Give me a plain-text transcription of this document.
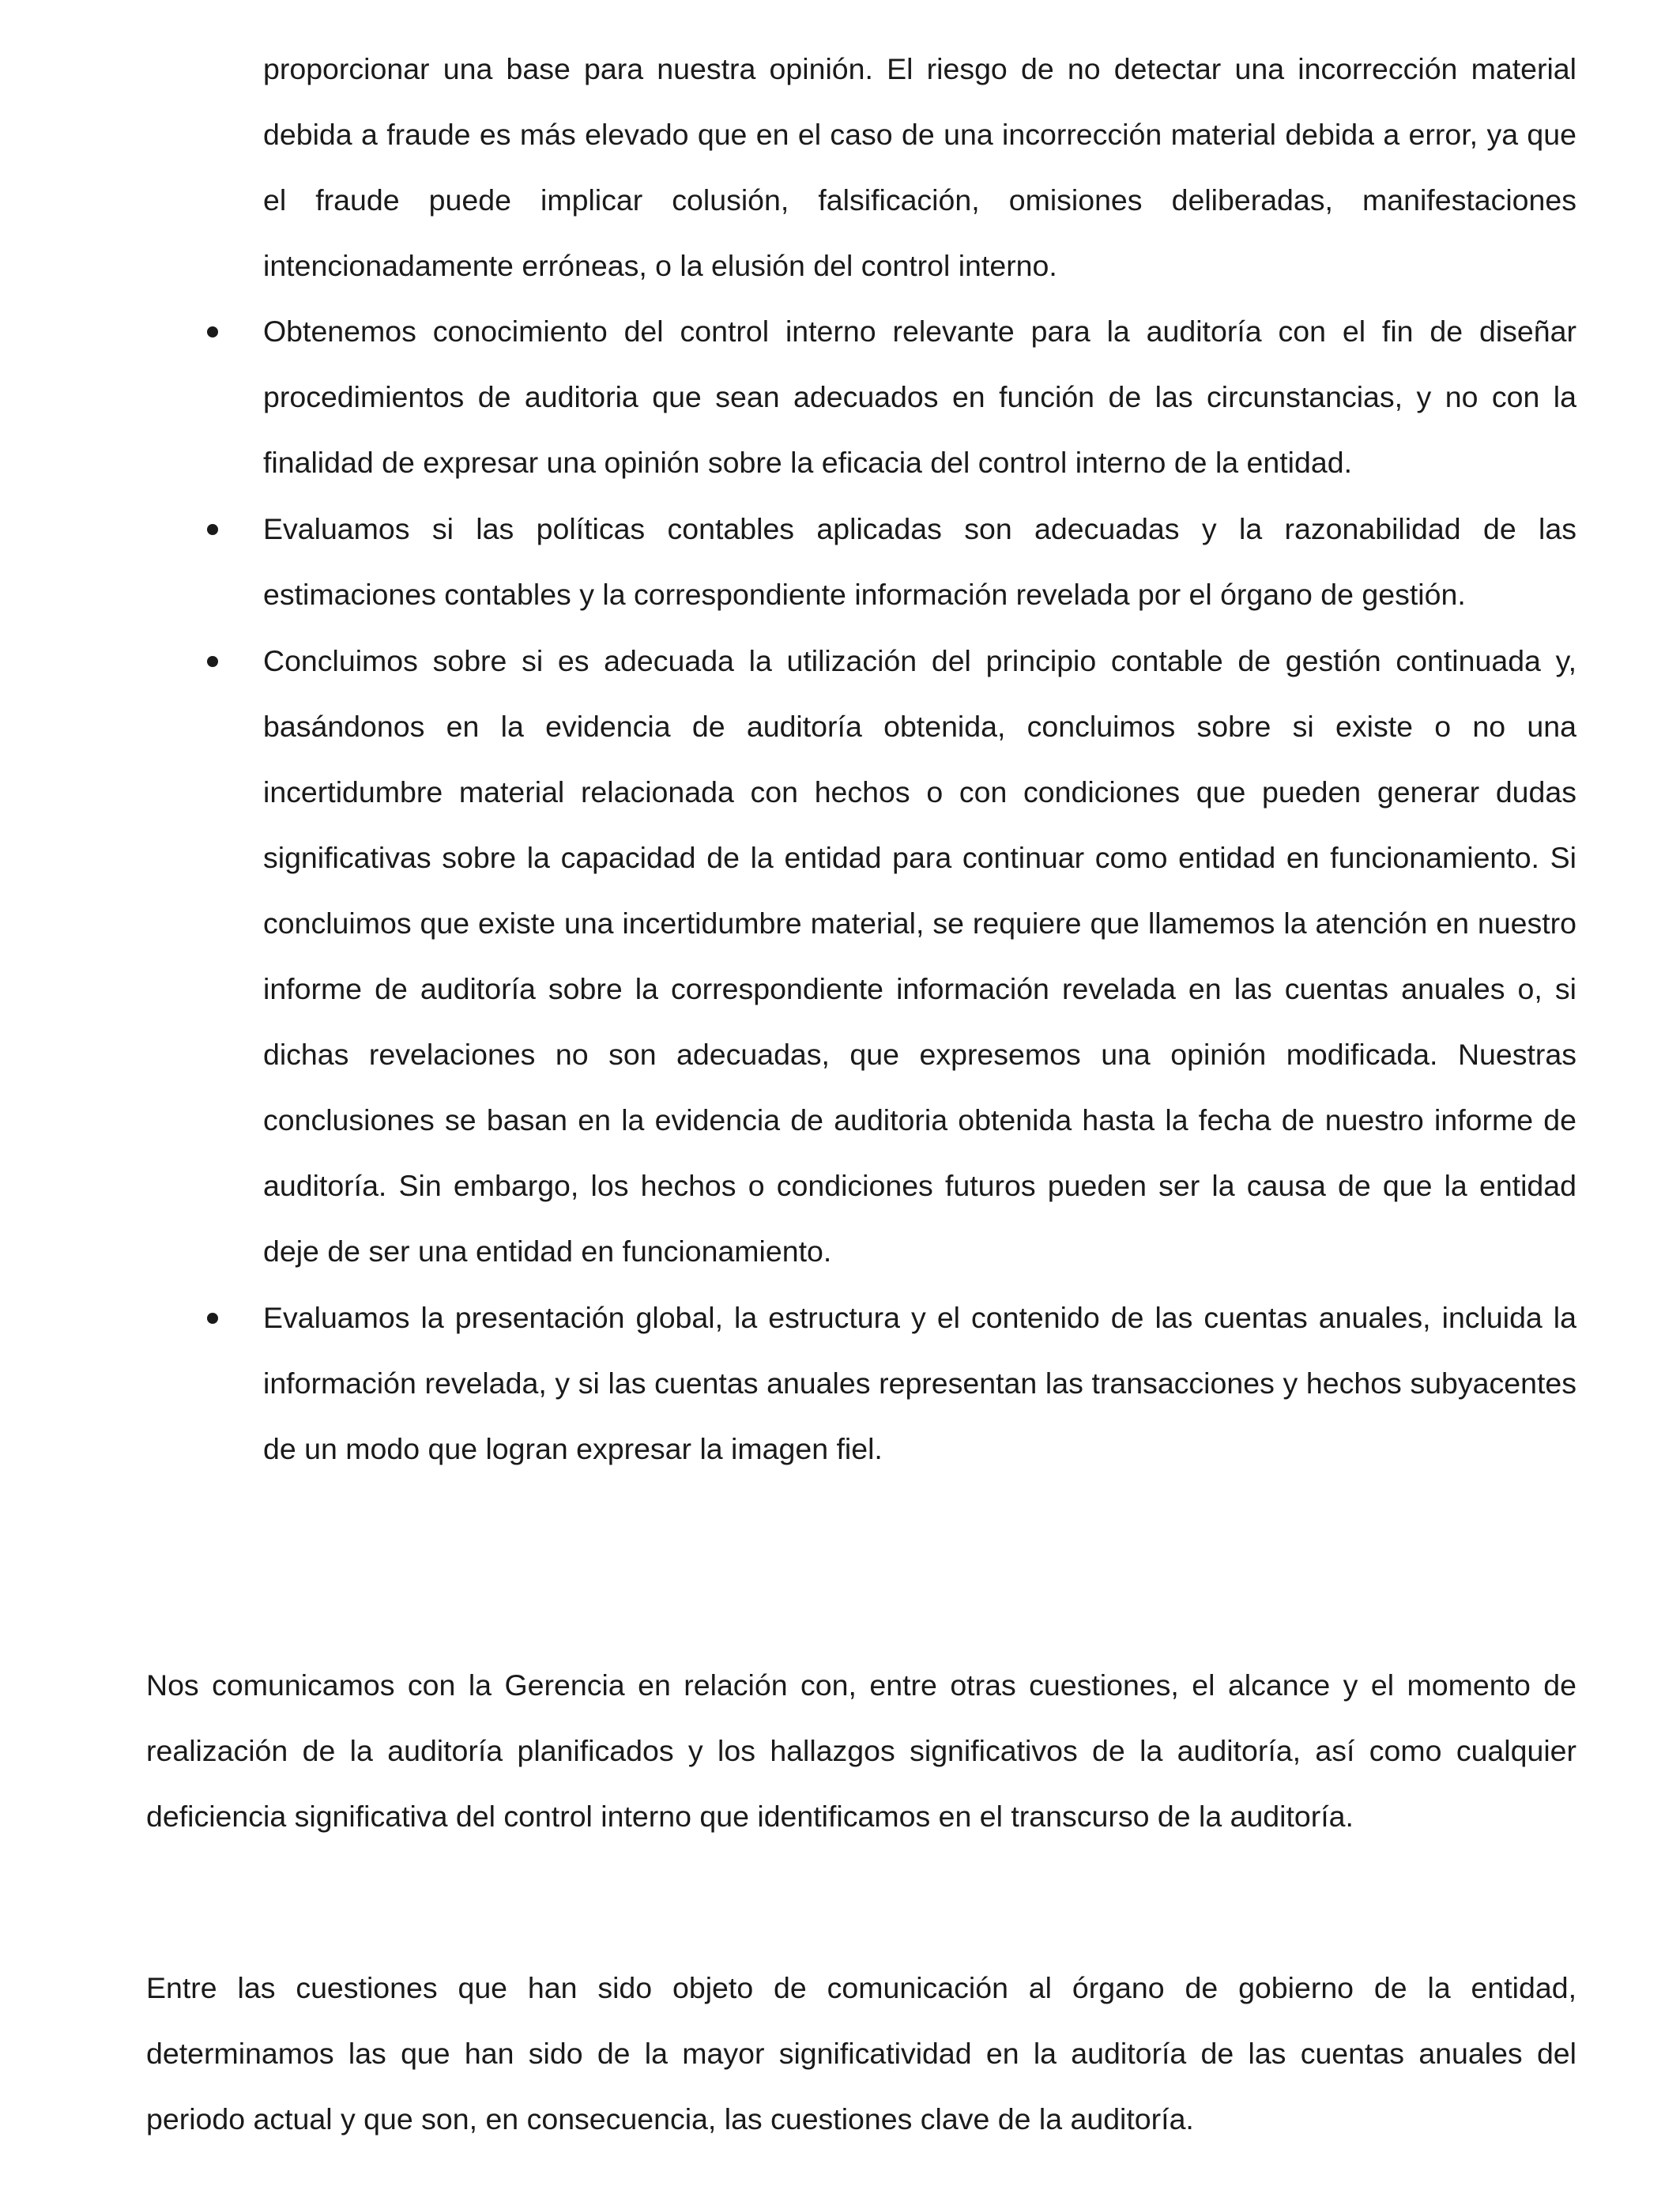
proporcionar una base para nuestra opinión. El riesgo de no detectar una incorrección material debida a fraude es más elevado que en el caso de una incorrección material debida a error, ya que el fraude puede implicar colusión, falsificación, omisiones deliberadas, manifestaciones intencionadamente erróneas, o la elusión del control interno.

Obtenemos conocimiento del control interno relevante para la auditoría con el fin de diseñar procedimientos de auditoria que sean adecuados en función de las circunstancias, y no con la finalidad de expresar una opinión sobre la eficacia del control interno de la entidad.

Evaluamos si las políticas contables aplicadas son adecuadas y la razonabilidad de las estimaciones contables y la correspondiente información revelada por el órgano de gestión.

Concluimos sobre si es adecuada la utilización del principio contable de gestión continuada y, basándonos en la evidencia de auditoría obtenida, concluimos sobre si existe o no una incertidumbre material relacionada con hechos o con condiciones que pueden generar dudas significativas sobre la capacidad de la entidad para continuar como entidad en funcionamiento. Si concluimos que existe una incertidumbre material, se requiere que llamemos la atención en nuestro informe de auditoría sobre la correspondiente información revelada en las cuentas anuales o, si dichas revelaciones no son adecuadas, que expresemos una opinión modificada. Nuestras conclusiones se basan en la evidencia de auditoria obtenida hasta la fecha de nuestro informe de auditoría. Sin embargo, los hechos o condiciones futuros pueden ser la causa de que la entidad deje de ser una entidad en funcionamiento.

Evaluamos la presentación global, la estructura y el contenido de las cuentas anuales, incluida la información revelada, y si las cuentas anuales representan las transacciones y hechos subyacentes de un modo que logran expresar la imagen fiel.

Nos comunicamos con la Gerencia en relación con, entre otras cuestiones, el alcance y el momento de realización de la auditoría planificados y los hallazgos significativos de la auditoría, así como cualquier deficiencia significativa del control interno que identificamos en el transcurso de la auditoría.

Entre las cuestiones que han sido objeto de comunicación al órgano de gobierno de la entidad, determinamos las que han sido de la mayor significatividad en la auditoría de las cuentas anuales del periodo actual y que son, en consecuencia, las cuestiones clave de la auditoría.
